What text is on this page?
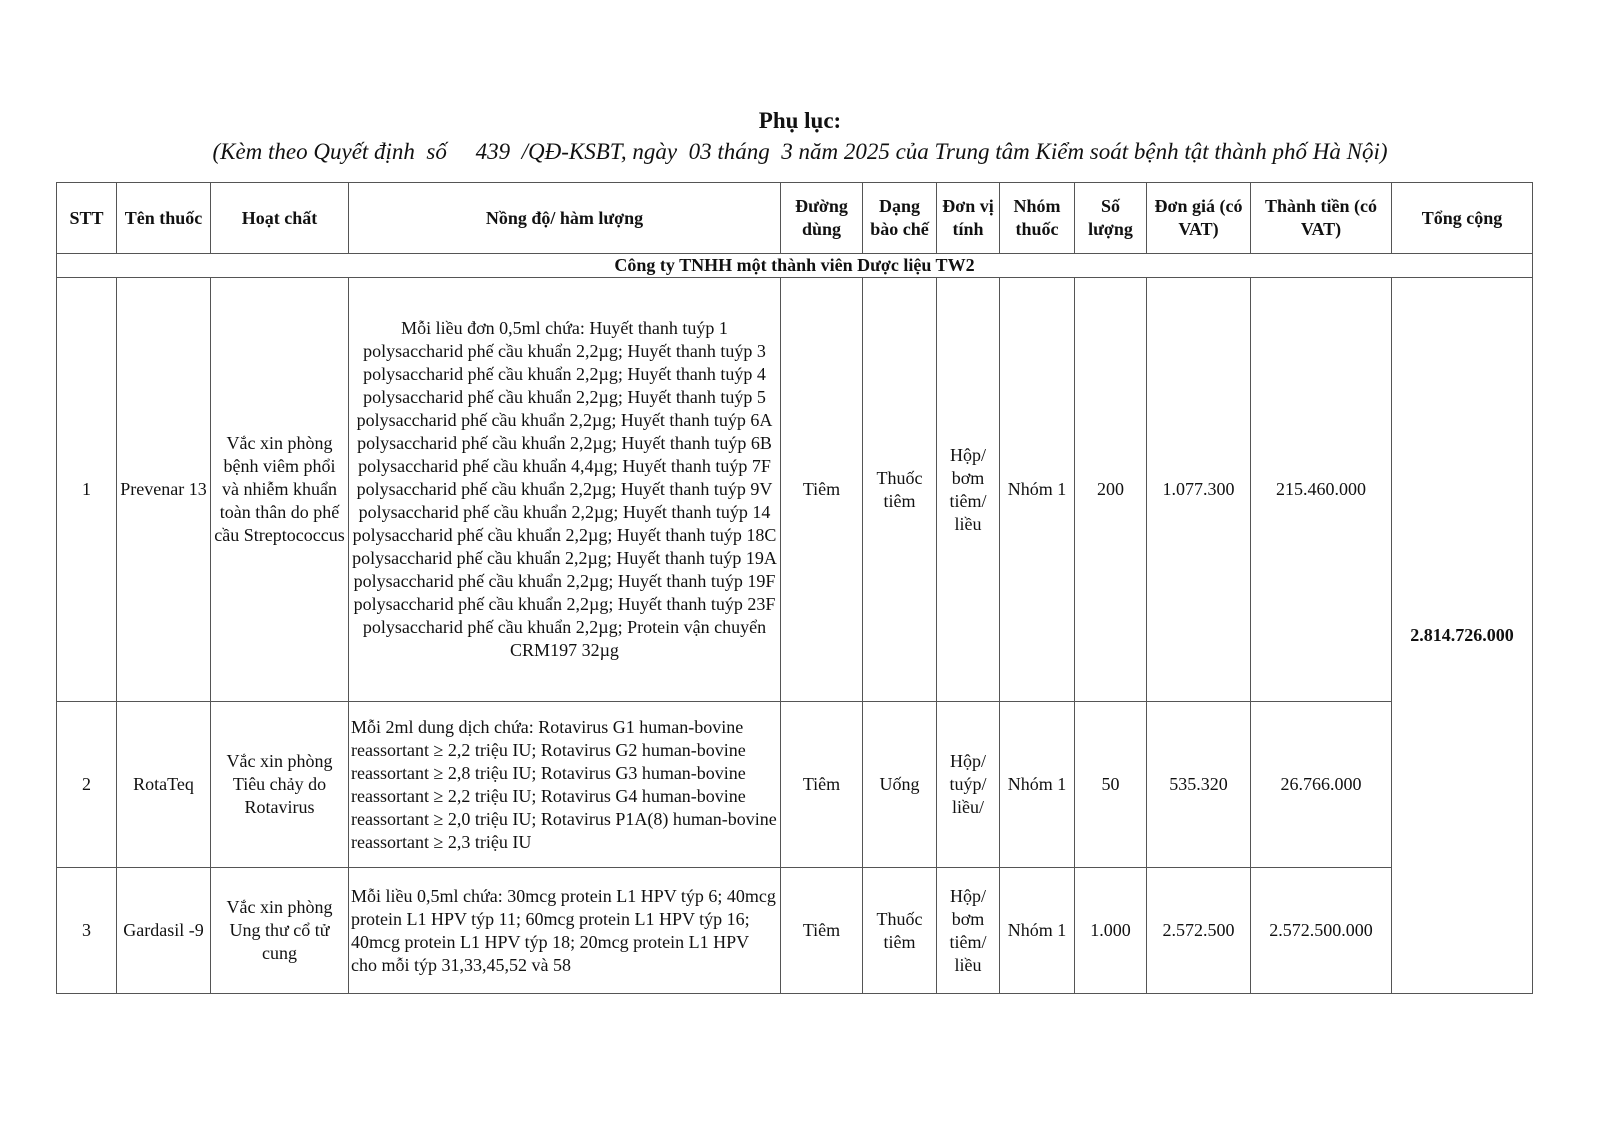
Phụ lục:
(Kèm theo Quyết định  số     439  /QĐ-KSBT, ngày  03 tháng  3 năm 2025 của Trung tâm Kiểm soát bệnh tật thành phố Hà Nội)
STT	Tên thuốc	Hoạt chất	Nồng độ/ hàm lượng	Đường dùng	Dạng bào chế	Đơn vị tính	Nhóm thuốc	Số lượng	Đơn giá (có VAT)	Thành tiền (có VAT)	Tổng cộng
Công ty TNHH một thành viên Dược liệu TW2											
1	Prevenar 13	Vắc xin phòng bệnh viêm phổi và nhiễm khuẩn toàn thân do phế cầu Streptococcus	Mỗi liều đơn 0,5ml chứa: Huyết thanh tuýp 1 polysaccharid phế cầu khuẩn 2,2µg; Huyết thanh tuýp 3 polysaccharid phế cầu khuẩn 2,2µg; Huyết thanh tuýp 4 polysaccharid phế cầu khuẩn 2,2µg; Huyết thanh tuýp 5 polysaccharid phế cầu khuẩn 2,2µg; Huyết thanh tuýp 6A polysaccharid phế cầu khuẩn 2,2µg; Huyết thanh tuýp 6B polysaccharid phế cầu khuẩn 4,4µg; Huyết thanh tuýp 7F polysaccharid phế cầu khuẩn 2,2µg; Huyết thanh tuýp 9V polysaccharid phế cầu khuẩn 2,2µg; Huyết thanh tuýp 14 polysaccharid phế cầu khuẩn 2,2µg; Huyết thanh tuýp 18C polysaccharid phế cầu khuẩn 2,2µg; Huyết thanh tuýp 19A polysaccharid phế cầu khuẩn 2,2µg; Huyết thanh tuýp 19F polysaccharid phế cầu khuẩn 2,2µg; Huyết thanh tuýp 23F polysaccharid phế cầu khuẩn 2,2µg; Protein vận chuyển CRM197 32µg	Tiêm	Thuốc tiêm	Hộp/ bơm tiêm/ liều	Nhóm 1	200	1.077.300	215.460.000	2.814.726.000
2	RotaTeq	Vắc xin phòng Tiêu chảy do Rotavirus	Mỗi 2ml dung dịch chứa: Rotavirus G1 human-bovine reassortant ≥ 2,2 triệu IU; Rotavirus G2 human-bovine reassortant ≥ 2,8 triệu IU; Rotavirus G3 human-bovine reassortant ≥ 2,2 triệu IU; Rotavirus G4 human-bovine reassortant ≥ 2,0 triệu IU; Rotavirus P1A(8) human-bovine reassortant ≥ 2,3 triệu IU	Tiêm	Uống	Hộp/ tuýp/ liều/	Nhóm 1	50	535.320	26.766.000	
3	Gardasil -9	Vắc xin phòng Ung thư cổ tử cung	Mỗi liều 0,5ml chứa: 30mcg protein L1 HPV týp 6; 40mcg protein L1 HPV týp 11; 60mcg protein L1 HPV týp 16; 40mcg protein L1 HPV týp 18; 20mcg protein L1 HPV cho mỗi týp 31,33,45,52 và 58	Tiêm	Thuốc tiêm	Hộp/ bơm tiêm/ liều	Nhóm 1	1.000	2.572.500	2.572.500.000	
